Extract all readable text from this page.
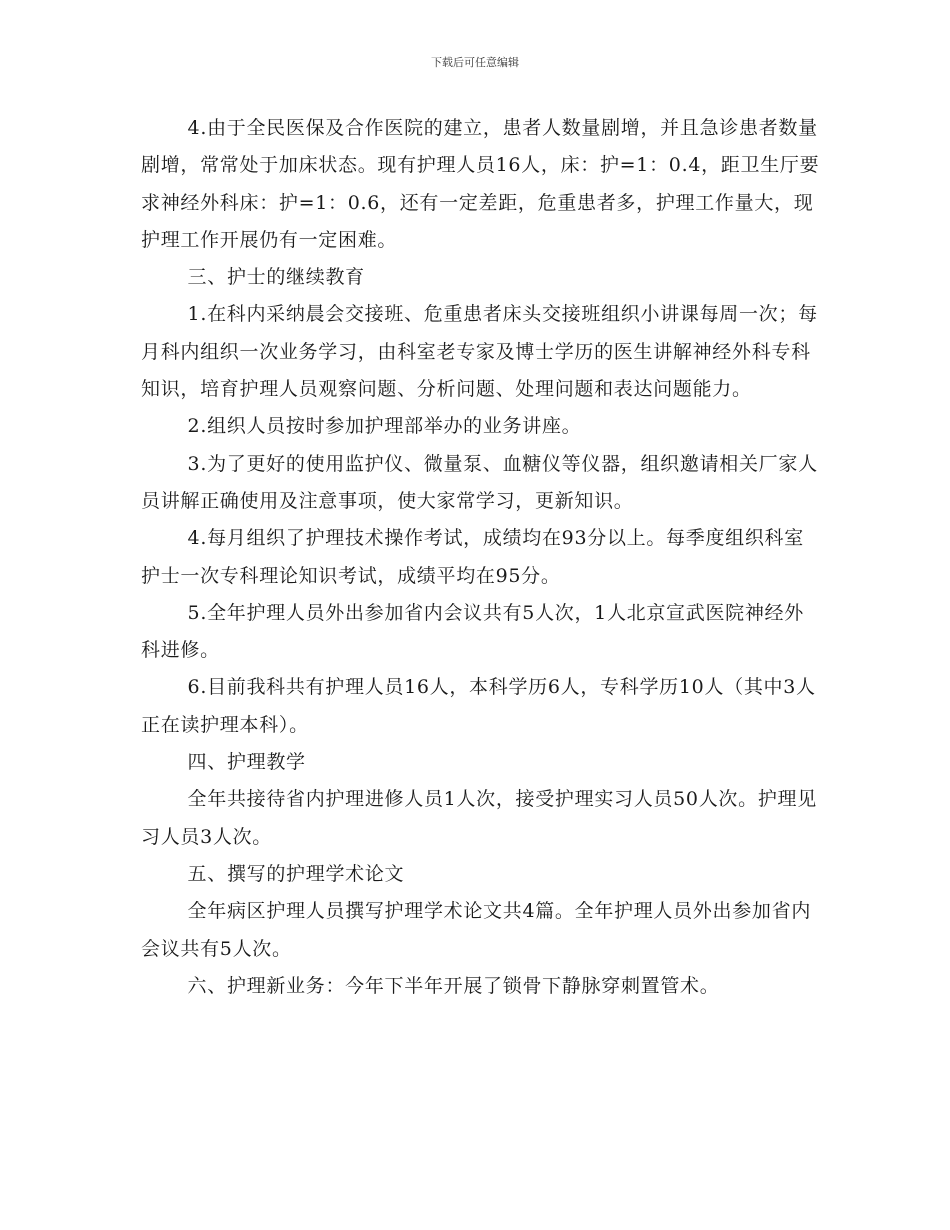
下载后可任意编辑

4.由于全民医保及合作医院的建立，患者人数量剧增，并且急诊患者数量剧增，常常处于加床状态。现有护理人员16人，床：护=1：0.4，距卫生厅要求神经外科床：护=1：0.6，还有一定差距，危重患者多，护理工作量大，现护理工作开展仍有一定困难。

三、护士的继续教育

1.在科内采纳晨会交接班、危重患者床头交接班组织小讲课每周一次；每月科内组织一次业务学习，由科室老专家及博士学历的医生讲解神经外科专科知识，培育护理人员观察问题、分析问题、处理问题和表达问题能力。

2.组织人员按时参加护理部举办的业务讲座。

3.为了更好的使用监护仪、微量泵、血糖仪等仪器，组织邀请相关厂家人员讲解正确使用及注意事项，使大家常学习，更新知识。

4.每月组织了护理技术操作考试，成绩均在93分以上。每季度组织科室护士一次专科理论知识考试，成绩平均在95分。

5.全年护理人员外出参加省内会议共有5人次，1人北京宣武医院神经外科进修。

6.目前我科共有护理人员16人，本科学历6人，专科学历10人（其中3人正在读护理本科）。

四、护理教学

全年共接待省内护理进修人员1人次，接受护理实习人员50人次。护理见习人员3人次。

五、撰写的护理学术论文

全年病区护理人员撰写护理学术论文共4篇。全年护理人员外出参加省内会议共有5人次。

六、护理新业务：今年下半年开展了锁骨下静脉穿刺置管术。
